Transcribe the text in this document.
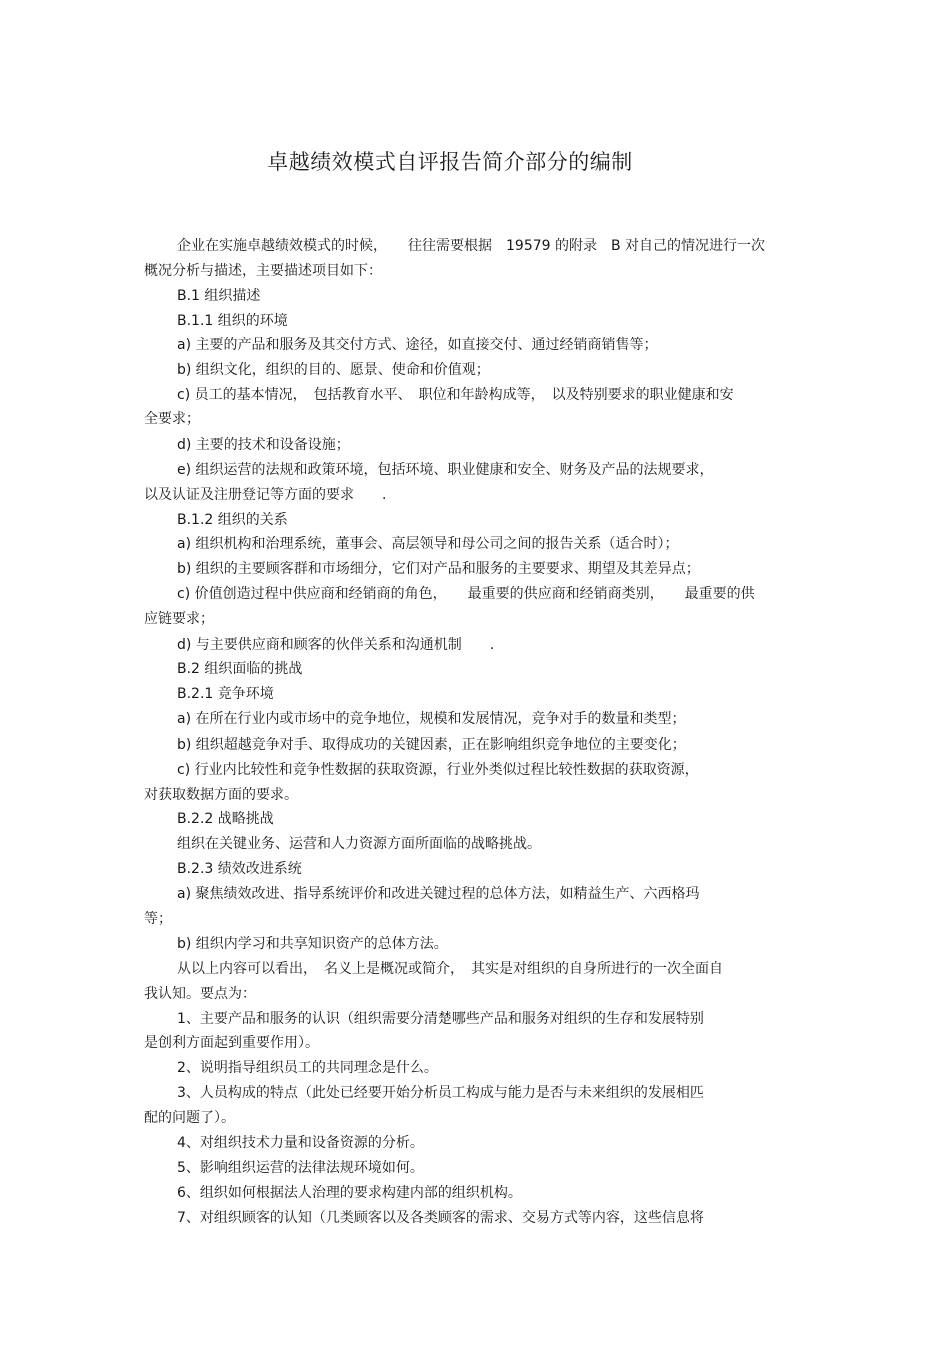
卓越绩效模式自评报告简介部分的编制
企业在实施卓越绩效模式的时候，　　往往需要根据　19579 的附录　B 对自己的情况进行一次
概况分析与描述，主要描述项目如下：
B.1 组织描述
B.1.1 组织的环境
a) 主要的产品和服务及其交付方式、途径，如直接交付、通过经销商销售等；
b) 组织文化，组织的目的、愿景、使命和价值观；
c) 员工的基本情况，　包括教育水平、　职位和年龄构成等，　以及特别要求的职业健康和安
全要求；
d) 主要的技术和设备设施；
e) 组织运营的法规和政策环境，包括环境、职业健康和安全、财务及产品的法规要求，
以及认证及注册登记等方面的要求　　.
B.1.2 组织的关系
a) 组织机构和治理系统，董事会、高层领导和母公司之间的报告关系（适合时）；
b) 组织的主要顾客群和市场细分，它们对产品和服务的主要要求、期望及其差异点；
c) 价值创造过程中供应商和经销商的角色，　　最重要的供应商和经销商类别，　　最重要的供
应链要求；
d) 与主要供应商和顾客的伙伴关系和沟通机制　　.
B.2 组织面临的挑战
B.2.1 竞争环境
a) 在所在行业内或市场中的竞争地位，规模和发展情况，竞争对手的数量和类型；
b) 组织超越竞争对手、取得成功的关键因素，正在影响组织竞争地位的主要变化；
c) 行业内比较性和竞争性数据的获取资源，行业外类似过程比较性数据的获取资源，
对获取数据方面的要求。
B.2.2 战略挑战
组织在关键业务、运营和人力资源方面所面临的战略挑战。
B.2.3 绩效改进系统
a) 聚焦绩效改进、指导系统评价和改进关键过程的总体方法，如精益生产、六西格玛
等；
b) 组织内学习和共享知识资产的总体方法。
从以上内容可以看出，　名义上是概况或简介，　其实是对组织的自身所进行的一次全面自
我认知。要点为：
1、主要产品和服务的认识（组织需要分清楚哪些产品和服务对组织的生存和发展特别
是创利方面起到重要作用）。
2、说明指导组织员工的共同理念是什么。
3、人员构成的特点（此处已经要开始分析员工构成与能力是否与未来组织的发展相匹
配的问题了）。
4、对组织技术力量和设备资源的分析。
5、影响组织运营的法律法规环境如何。
6、组织如何根据法人治理的要求构建内部的组织机构。
7、对组织顾客的认知（几类顾客以及各类顾客的需求、交易方式等内容，这些信息将
